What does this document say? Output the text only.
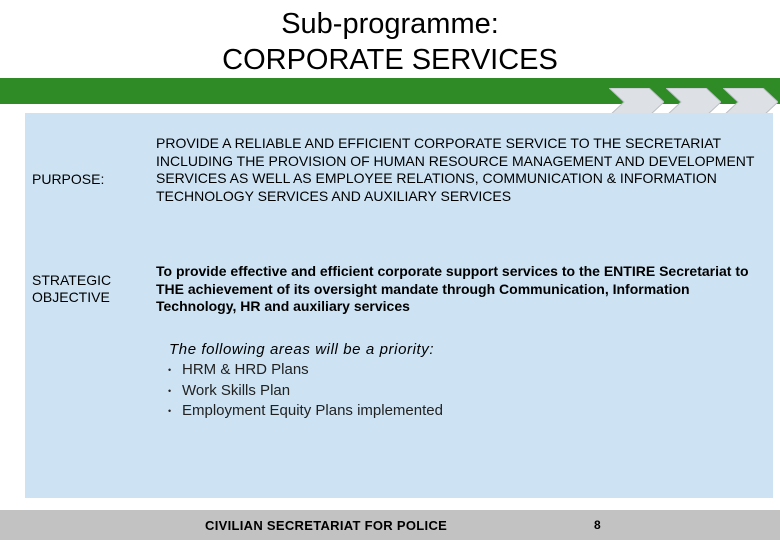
Sub-programme:
CORPORATE SERVICES
PURPOSE:
PROVIDE A RELIABLE AND EFFICIENT CORPORATE SERVICE TO THE SECRETARIAT INCLUDING THE PROVISION OF HUMAN RESOURCE MANAGEMENT AND DEVELOPMENT SERVICES AS WELL AS EMPLOYEE RELATIONS, COMMUNICATION & INFORMATION TECHNOLOGY SERVICES AND AUXILIARY SERVICES
STRATEGIC
OBJECTIVE
To provide effective and efficient corporate support services to the ENTIRE Secretariat to THE achievement of its oversight mandate through Communication, Information Technology, HR and auxiliary services
The following areas will be a priority:
• HRM & HRD Plans
• Work Skills Plan
• Employment Equity Plans implemented
CIVILIAN SECRETARIAT FOR POLICE	8
